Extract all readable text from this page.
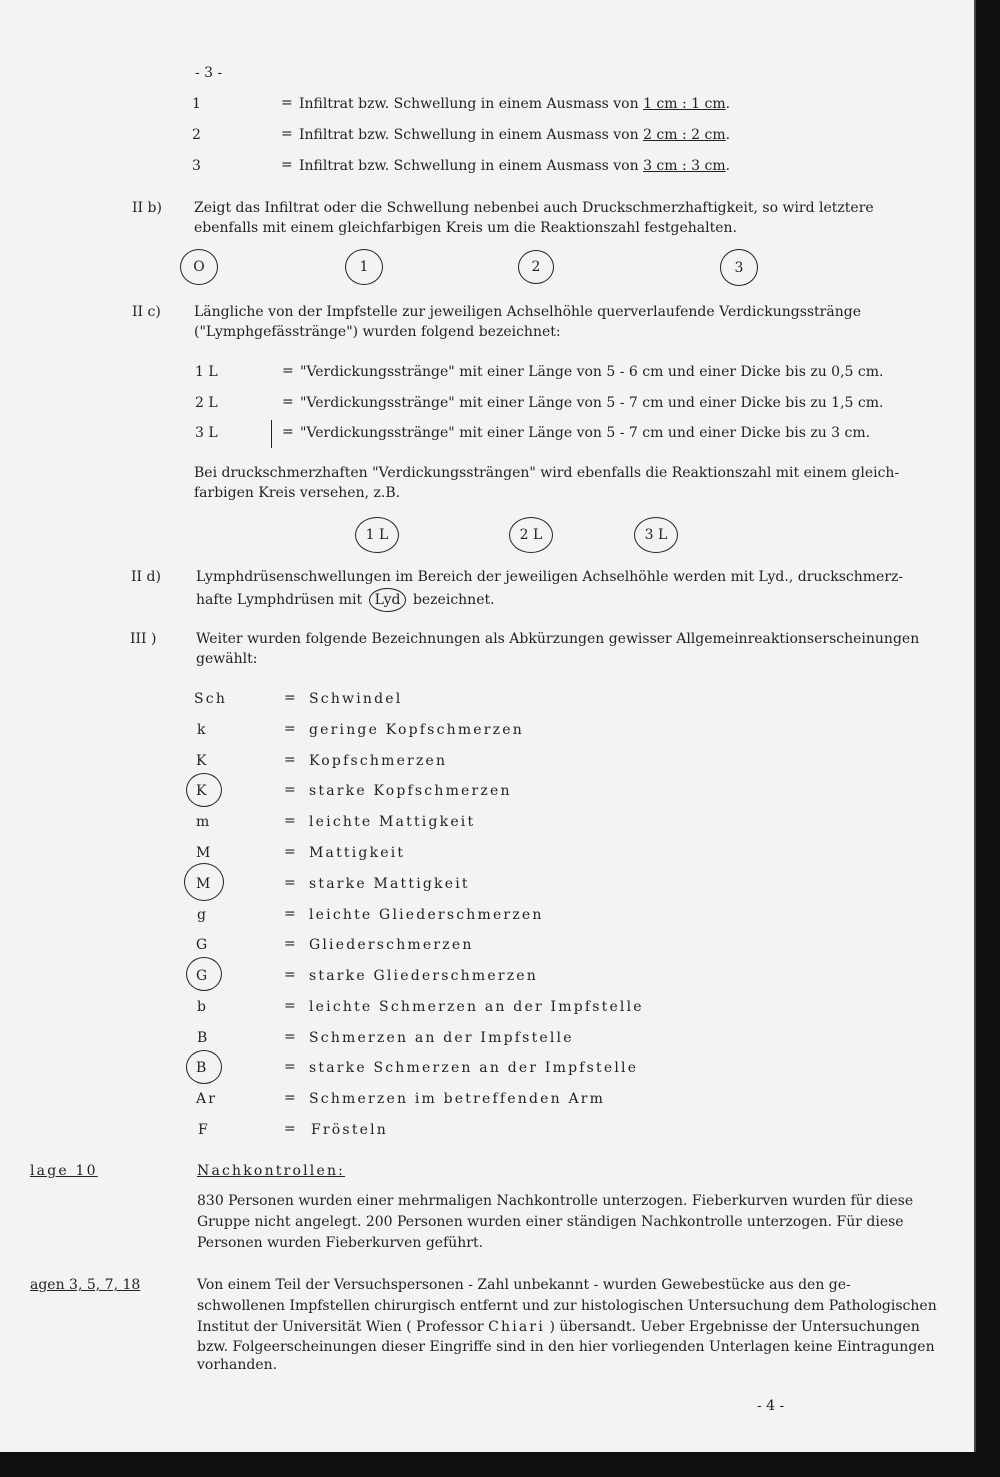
- 3 -
1	= Infiltrat bzw. Schwellung in einem Ausmass von 1 cm : 1 cm.
2	= Infiltrat bzw. Schwellung in einem Ausmass von 2 cm : 2 cm.
3	= Infiltrat bzw. Schwellung in einem Ausmass von 3 cm : 3 cm.
II b) Zeigt das Infiltrat oder die Schwellung nebenbei auch Druckschmerzhaftigkeit, so wird letztere
ebenfalls mit einem gleichfarbigen Kreis um die Reaktionszahl festgehalten.
O	1	2	3
II c) Längliche von der Impfstelle zur jeweiligen Achselhöhle querverlaufende Verdickungsstränge
("Lymphgefässtränge") wurden folgend bezeichnet:
1 L	= "Verdickungsstränge" mit einer Länge von 5 - 6 cm und einer Dicke bis zu 0,5 cm.
2 L	= "Verdickungsstränge" mit einer Länge von 5 - 7 cm und einer Dicke bis zu 1,5 cm.
3 L	= "Verdickungsstränge" mit einer Länge von 5 - 7 cm und einer Dicke bis zu 3 cm.
Bei druckschmerzhaften "Verdickungssträngen" wird ebenfalls die Reaktionszahl mit einem gleich-
farbigen Kreis versehen, z.B.
1 L	2 L	3 L
II d)	Lymphdrüsenschwellungen im Bereich der jeweiligen Achselhöhle werden mit Lyd., druckschmerz-
hafte Lymphdrüsen mit Lyd bezeichnet.
III )	Weiter wurden folgende Bezeichnungen als Abkürzungen gewisser Allgemeinreaktionserscheinungen
gewählt:
Sch	= Schwindel
k	= geringe Kopfschmerzen
K	= Kopfschmerzen
K	= starke Kopfschmerzen
m	= leichte Mattigkeit
M	= Mattigkeit
M	= starke Mattigkeit
g	= leichte Gliederschmerzen
G	= Gliederschmerzen
G	= starke Gliederschmerzen
b	= leichte Schmerzen an der Impfstelle
B	= Schmerzen an der Impfstelle
B	= starke Schmerzen an der Impfstelle
Ar	= Schmerzen im betreffenden Arm
F	= Frösteln
lage 10	Nachkontrollen:
830 Personen wurden einer mehrmaligen Nachkontrolle unterzogen. Fieberkurven wurden für diese
Gruppe nicht angelegt. 200 Personen wurden einer ständigen Nachkontrolle unterzogen. Für diese
Personen wurden Fieberkurven geführt.
agen 3, 5, 7, 18	Von einem Teil der Versuchspersonen - Zahl unbekannt - wurden Gewebestücke aus den ge-
schwollenen Impfstellen chirurgisch entfernt und zur histologischen Untersuchung dem Pathologischen
Institut der Universität Wien ( Professor Chiari ) übersandt. Ueber Ergebnisse der Untersuchungen
bzw. Folgeerscheinungen dieser Eingriffe sind in den hier vorliegenden Unterlagen keine Eintragungen
vorhanden.
- 4 -
